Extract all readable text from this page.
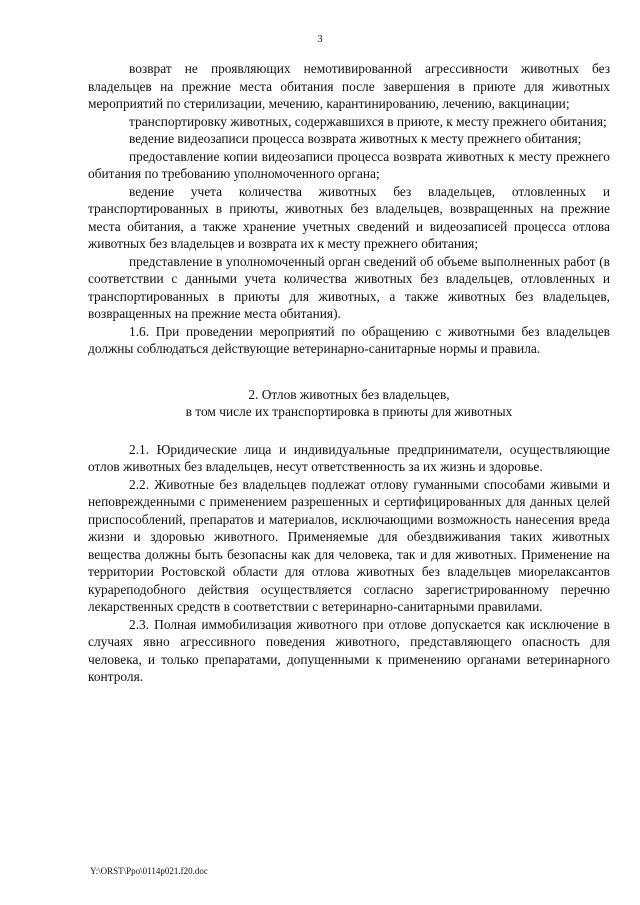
3

возврат не проявляющих немотивированной агрессивности животных без владельцев на прежние места обитания после завершения в приюте для животных мероприятий по стерилизации, мечению, карантинированию, лечению, вакцинации;

транспортировку животных, содержавшихся в приюте, к месту прежнего обитания;

ведение видеозаписи процесса возврата животных к месту прежнего обитания;

предоставление копии видеозаписи процесса возврата животных к месту прежнего обитания по требованию уполномоченного органа;

ведение учета количества животных без владельцев, отловленных и транспортированных в приюты, животных без владельцев, возвращенных на прежние места обитания, а также хранение учетных сведений и видеозаписей процесса отлова животных без владельцев и возврата их к месту прежнего обитания;

представление в уполномоченный орган сведений об объеме выполненных работ (в соответствии с данными учета количества животных без владельцев, отловленных и транспортированных в приюты для животных, а также животных без владельцев, возвращенных на прежние места обитания).

1.6. При проведении мероприятий по обращению с животными без владельцев должны соблюдаться действующие ветеринарно-санитарные нормы и правила.

2. Отлов животных без владельцев,
в том числе их транспортировка в приюты для животных

2.1. Юридические лица и индивидуальные предприниматели, осуществляющие отлов животных без владельцев, несут ответственность за их жизнь и здоровье.

2.2. Животные без владельцев подлежат отлову гуманными способами живыми и неповрежденными с применением разрешенных и сертифицированных для данных целей приспособлений, препаратов и материалов, исключающими возможность нанесения вреда жизни и здоровью животного. Применяемые для обездвиживания таких животных вещества должны быть безопасны как для человека, так и для животных. Применение на территории Ростовской области для отлова животных без владельцев миорелаксантов курареподобного действия осуществляется согласно зарегистрированному перечню лекарственных средств в соответствии с ветеринарно-санитарными правилами.

2.3. Полная иммобилизация животного при отлове допускается как исключение в случаях явно агрессивного поведения животного, представляющего опасность для человека, и только препаратами, допущенными к применению органами ветеринарного контроля.

Y:\ORST\Ppo\0114p021.f20.doc
